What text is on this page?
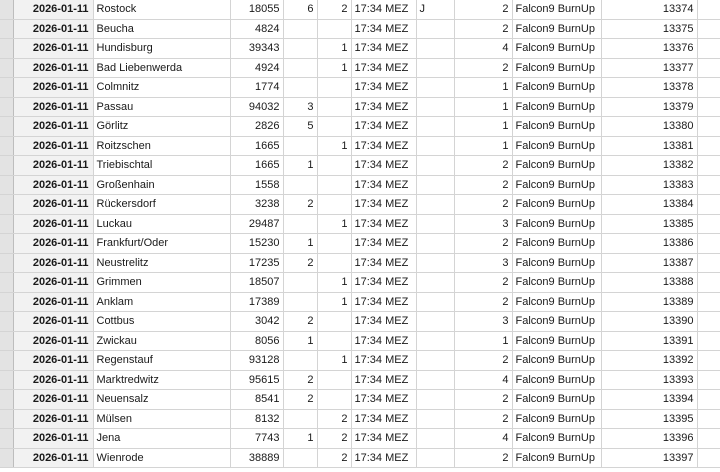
	2026-01-11	Rostock	18055	6	2	17:34 MEZ	J	2	Falcon9 BurnUp	13374	
	2026-01-11	Beucha	4824			17:34 MEZ		2	Falcon9 BurnUp	13375	
	2026-01-11	Hundisburg	39343		1	17:34 MEZ		4	Falcon9 BurnUp	13376	
	2026-01-11	Bad Liebenwerda	4924		1	17:34 MEZ		2	Falcon9 BurnUp	13377	
	2026-01-11	Colmnitz	1774			17:34 MEZ		1	Falcon9 BurnUp	13378	
	2026-01-11	Passau	94032	3		17:34 MEZ		1	Falcon9 BurnUp	13379	
	2026-01-11	Görlitz	2826	5		17:34 MEZ		1	Falcon9 BurnUp	13380	
	2026-01-11	Roitzschen	1665		1	17:34 MEZ		1	Falcon9 BurnUp	13381	
	2026-01-11	Triebischtal	1665	1		17:34 MEZ		2	Falcon9 BurnUp	13382	
	2026-01-11	Großenhain	1558			17:34 MEZ		2	Falcon9 BurnUp	13383	
	2026-01-11	Rückersdorf	3238	2		17:34 MEZ		2	Falcon9 BurnUp	13384	
	2026-01-11	Luckau	29487		1	17:34 MEZ		3	Falcon9 BurnUp	13385	
	2026-01-11	Frankfurt/Oder	15230	1		17:34 MEZ		2	Falcon9 BurnUp	13386	
	2026-01-11	Neustrelitz	17235	2		17:34 MEZ		3	Falcon9 BurnUp	13387	
	2026-01-11	Grimmen	18507		1	17:34 MEZ		2	Falcon9 BurnUp	13388	
	2026-01-11	Anklam	17389		1	17:34 MEZ		2	Falcon9 BurnUp	13389	
	2026-01-11	Cottbus	3042	2		17:34 MEZ		3	Falcon9 BurnUp	13390	
	2026-01-11	Zwickau	8056	1		17:34 MEZ		1	Falcon9 BurnUp	13391	
	2026-01-11	Regenstauf	93128		1	17:34 MEZ		2	Falcon9 BurnUp	13392	
	2026-01-11	Marktredwitz	95615	2		17:34 MEZ		4	Falcon9 BurnUp	13393	
	2026-01-11	Neuensalz	8541	2		17:34 MEZ		2	Falcon9 BurnUp	13394	
	2026-01-11	Mülsen	8132		2	17:34 MEZ		2	Falcon9 BurnUp	13395	
	2026-01-11	Jena	7743	1	2	17:34 MEZ		4	Falcon9 BurnUp	13396	
	2026-01-11	Wienrode	38889		2	17:34 MEZ		2	Falcon9 BurnUp	13397	
